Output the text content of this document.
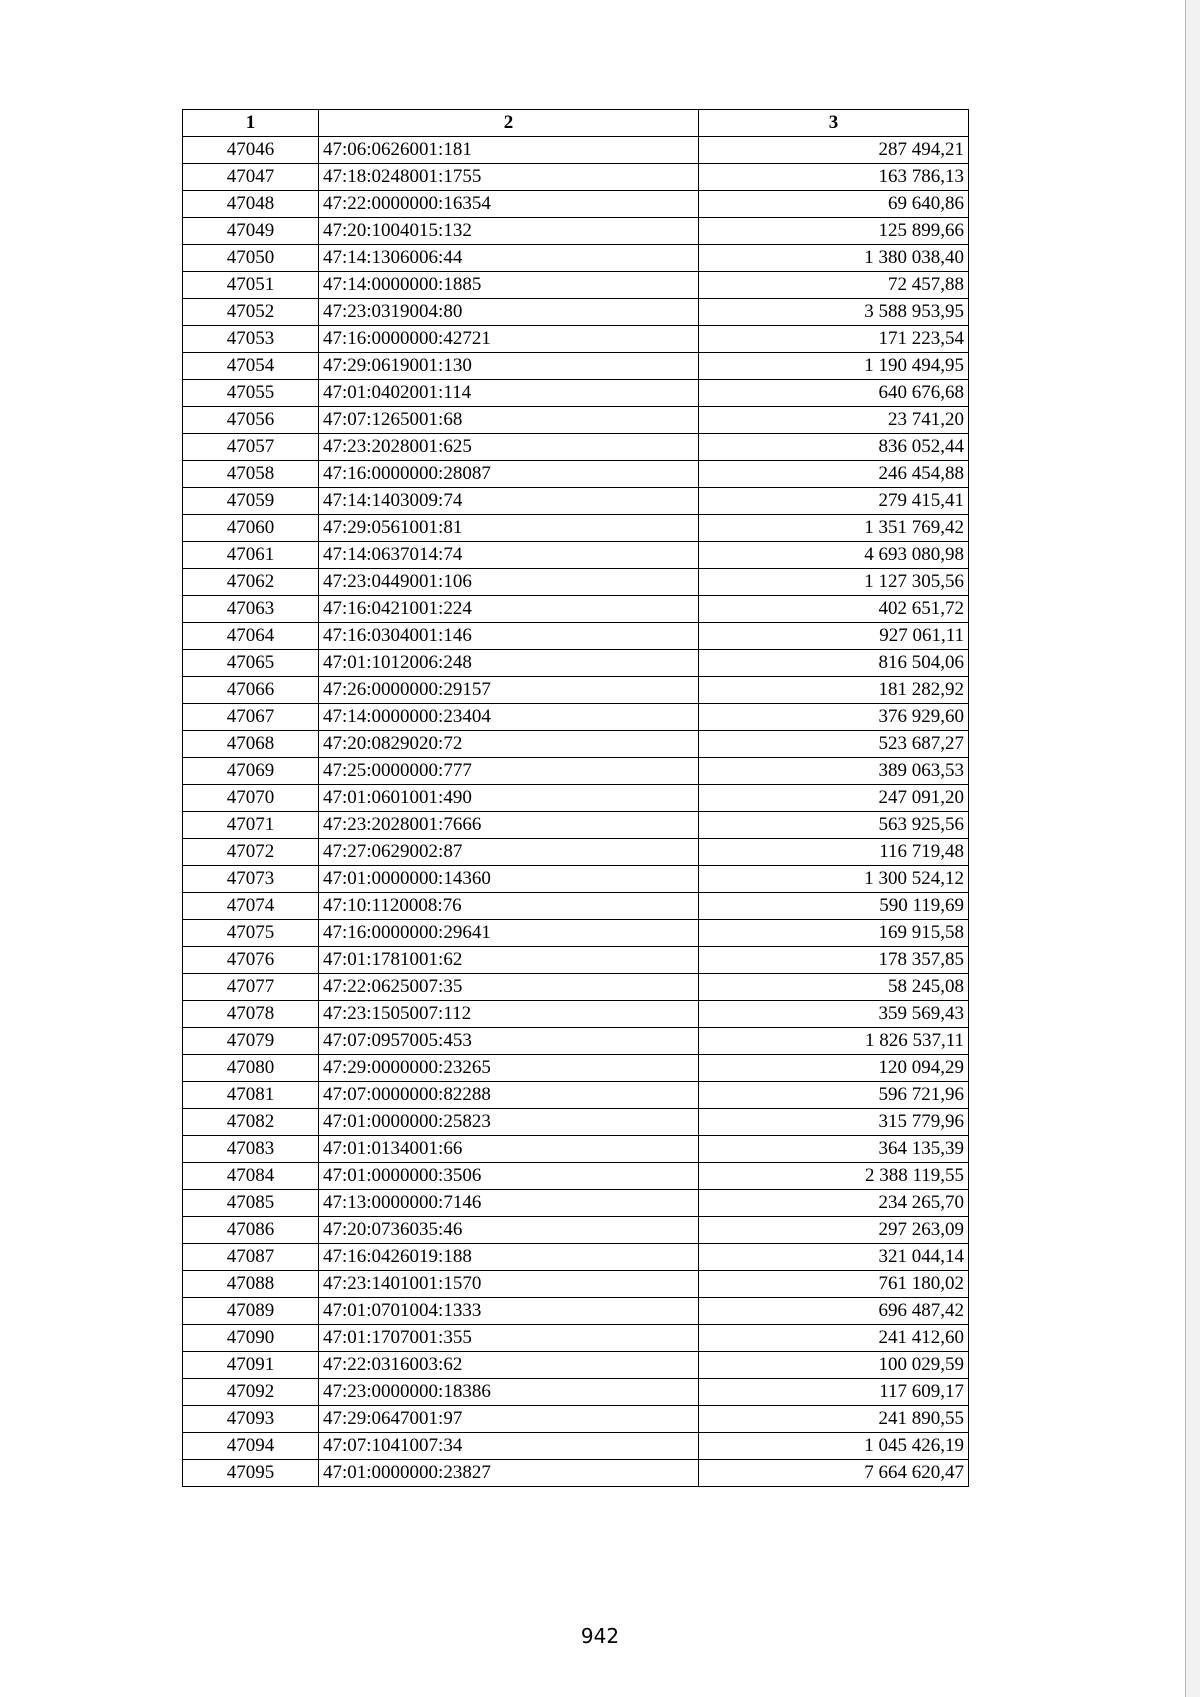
1	2	3
47046	47:06:0626001:181	287 494,21
47047	47:18:0248001:1755	163 786,13
47048	47:22:0000000:16354	69 640,86
47049	47:20:1004015:132	125 899,66
47050	47:14:1306006:44	1 380 038,40
47051	47:14:0000000:1885	72 457,88
47052	47:23:0319004:80	3 588 953,95
47053	47:16:0000000:42721	171 223,54
47054	47:29:0619001:130	1 190 494,95
47055	47:01:0402001:114	640 676,68
47056	47:07:1265001:68	23 741,20
47057	47:23:2028001:625	836 052,44
47058	47:16:0000000:28087	246 454,88
47059	47:14:1403009:74	279 415,41
47060	47:29:0561001:81	1 351 769,42
47061	47:14:0637014:74	4 693 080,98
47062	47:23:0449001:106	1 127 305,56
47063	47:16:0421001:224	402 651,72
47064	47:16:0304001:146	927 061,11
47065	47:01:1012006:248	816 504,06
47066	47:26:0000000:29157	181 282,92
47067	47:14:0000000:23404	376 929,60
47068	47:20:0829020:72	523 687,27
47069	47:25:0000000:777	389 063,53
47070	47:01:0601001:490	247 091,20
47071	47:23:2028001:7666	563 925,56
47072	47:27:0629002:87	116 719,48
47073	47:01:0000000:14360	1 300 524,12
47074	47:10:1120008:76	590 119,69
47075	47:16:0000000:29641	169 915,58
47076	47:01:1781001:62	178 357,85
47077	47:22:0625007:35	58 245,08
47078	47:23:1505007:112	359 569,43
47079	47:07:0957005:453	1 826 537,11
47080	47:29:0000000:23265	120 094,29
47081	47:07:0000000:82288	596 721,96
47082	47:01:0000000:25823	315 779,96
47083	47:01:0134001:66	364 135,39
47084	47:01:0000000:3506	2 388 119,55
47085	47:13:0000000:7146	234 265,70
47086	47:20:0736035:46	297 263,09
47087	47:16:0426019:188	321 044,14
47088	47:23:1401001:1570	761 180,02
47089	47:01:0701004:1333	696 487,42
47090	47:01:1707001:355	241 412,60
47091	47:22:0316003:62	100 029,59
47092	47:23:0000000:18386	117 609,17
47093	47:29:0647001:97	241 890,55
47094	47:07:1041007:34	1 045 426,19
47095	47:01:0000000:23827	7 664 620,47
942
